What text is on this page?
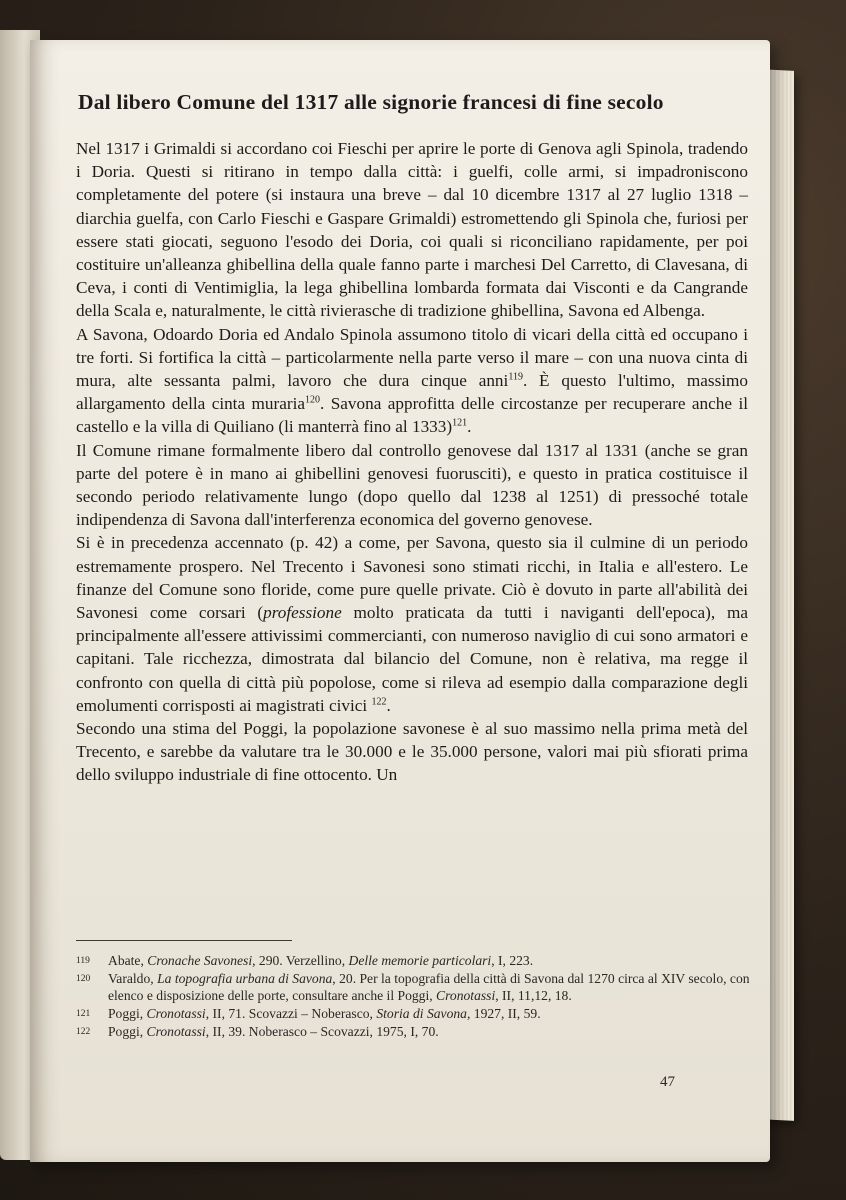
Dal libero Comune del 1317 alle signorie francesi di fine secolo

Nel 1317 i Grimaldi si accordano coi Fieschi per aprire le porte di Genova agli Spinola, tradendo i Doria. Questi si ritirano in tempo dalla città: i guelfi, colle armi, si impadroniscono completamente del potere (si instaura una breve – dal 10 dicembre 1317 al 27 luglio 1318 – diarchia guelfa, con Carlo Fieschi e Gaspare Grimaldi) estromettendo gli Spinola che, furiosi per essere stati giocati, seguono l'esodo dei Doria, coi quali si riconciliano rapidamente, per poi costituire un'alleanza ghibellina della quale fanno parte i marchesi Del Carretto, di Clavesana, di Ceva, i conti di Ventimiglia, la lega ghibellina lombarda formata dai Visconti e da Cangrande della Scala e, naturalmente, le città rivierasche di tradizione ghibellina, Savona ed Albenga.

A Savona, Odoardo Doria ed Andalo Spinola assumono titolo di vicari della città ed occupano i tre forti. Si fortifica la città – particolarmente nella parte verso il mare – con una nuova cinta di mura, alte sessanta palmi, lavoro che dura cinque anni$^{119}$. È questo l'ultimo, massimo allargamento della cinta muraria$^{120}$. Savona approfitta delle circostanze per recuperare anche il castello e la villa di Quiliano (li manterrà fino al 1333)$^{121}$.

Il Comune rimane formalmente libero dal controllo genovese dal 1317 al 1331 (anche se gran parte del potere è in mano ai ghibellini genovesi fuorusciti), e questo in pratica costituisce il secondo periodo relativamente lungo (dopo quello dal 1238 al 1251) di pressoché totale indipendenza di Savona dall'interferenza economica del governo genovese.

Si è in precedenza accennato (p. 42) a come, per Savona, questo sia il culmine di un periodo estremamente prospero. Nel Trecento i Savonesi sono stimati ricchi, in Italia e all'estero. Le finanze del Comune sono floride, come pure quelle private. Ciò è dovuto in parte all'abilità dei Savonesi come corsari (professione molto praticata da tutti i naviganti dell'epoca), ma principalmente all'essere attivissimi commercianti, con numeroso naviglio di cui sono armatori e capitani. Tale ricchezza, dimostrata dal bilancio del Comune, non è relativa, ma regge il confronto con quella di città più popolose, come si rileva ad esempio dalla comparazione degli emolumenti corrisposti ai magistrati civici $^{122}$.

Secondo una stima del Poggi, la popolazione savonese è al suo massimo nella prima metà del Trecento, e sarebbe da valutare tra le 30.000 e le 35.000 persone, valori mai più sfiorati prima dello sviluppo industriale di fine ottocento. Un

119 Abate, Cronache Savonesi, 290. Verzellino, Delle memorie particolari, I, 223.
120 Varaldo, La topografia urbana di Savona, 20. Per la topografia della città di Savona dal 1270 circa al XIV secolo, con elenco e disposizione delle porte, consultare anche il Poggi, Cronotassi, II, 11,12, 18.
121 Poggi, Cronotassi, II, 71. Scovazzi – Noberasco, Storia di Savona, 1927, II, 59.
122 Poggi, Cronotassi, II, 39. Noberasco – Scovazzi, 1975, I, 70.
47
